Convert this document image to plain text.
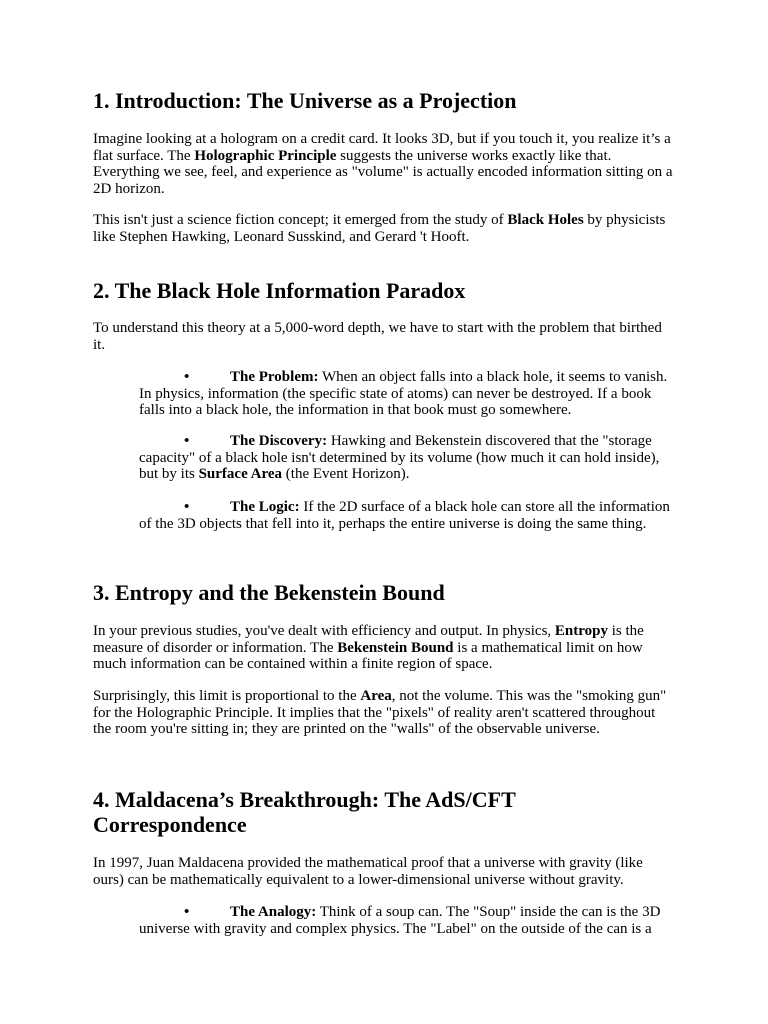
1. Introduction: The Universe as a Projection

Imagine looking at a hologram on a credit card. It looks 3D, but if you touch it, you realize it’s a flat surface. The Holographic Principle suggests the universe works exactly like that. Everything we see, feel, and experience as "volume" is actually encoded information sitting on a 2D horizon.

This isn't just a science fiction concept; it emerged from the study of Black Holes by physicists like Stephen Hawking, Leonard Susskind, and Gerard 't Hooft.

2. The Black Hole Information Paradox

To understand this theory at a 5,000-word depth, we have to start with the problem that birthed it.

•	The Problem: When an object falls into a black hole, it seems to vanish. In physics, information (the specific state of atoms) can never be destroyed. If a book falls into a black hole, the information in that book must go somewhere.
•	The Discovery: Hawking and Bekenstein discovered that the "storage capacity" of a black hole isn't determined by its volume (how much it can hold inside), but by its Surface Area (the Event Horizon).
•	The Logic: If the 2D surface of a black hole can store all the information of the 3D objects that fell into it, perhaps the entire universe is doing the same thing.
3. Entropy and the Bekenstein Bound

In your previous studies, you've dealt with efficiency and output. In physics, Entropy is the measure of disorder or information. The Bekenstein Bound is a mathematical limit on how much information can be contained within a finite region of space.

Surprisingly, this limit is proportional to the Area, not the volume. This was the "smoking gun" for the Holographic Principle. It implies that the "pixels" of reality aren't scattered throughout the room you're sitting in; they are printed on the "walls" of the observable universe.

4. Maldacena’s Breakthrough: The AdS/CFT Correspondence

In 1997, Juan Maldacena provided the mathematical proof that a universe with gravity (like ours) can be mathematically equivalent to a lower-dimensional universe without gravity.

•	The Analogy: Think of a soup can. The "Soup" inside the can is the 3D universe with gravity and complex physics. The "Label" on the outside of the can is a
